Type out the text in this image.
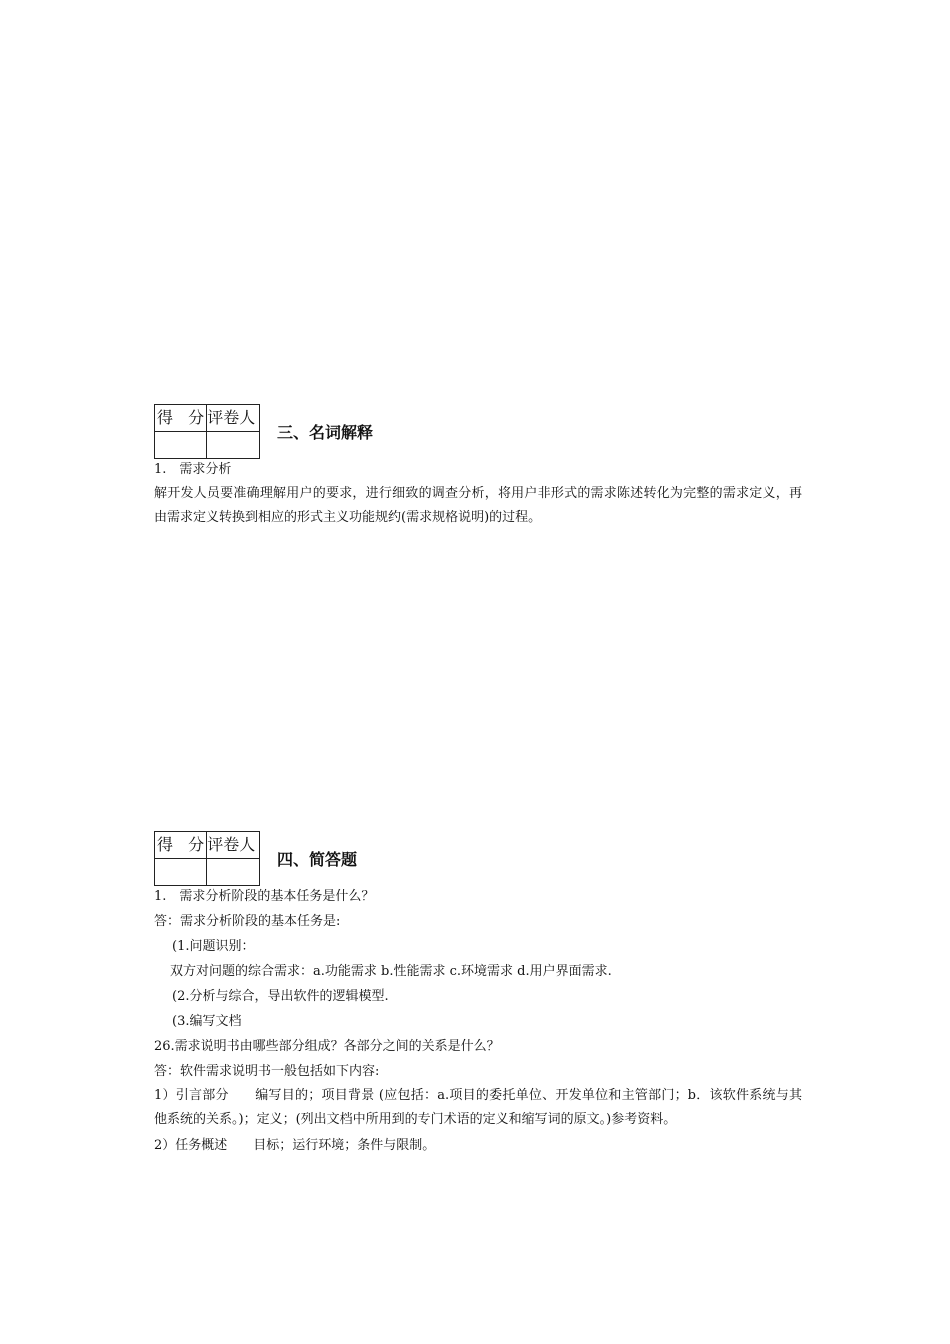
得 分	评卷人

三、名词解释
1.　需求分析
解开发人员要准确理解用户的要求，进行细致的调查分析，将用户非形式的需求陈述转化为完整的需求定义，再由需求定义转换到相应的形式主义功能规约(需求规格说明)的过程。
得 分	评卷人

四、简答题
1.　需求分析阶段的基本任务是什么？
答：需求分析阶段的基本任务是:
(1.问题识别：
双方对问题的综合需求：a.功能需求 b.性能需求 c.环境需求 d.用户界面需求.
(2.分析与综合，导出软件的逻辑模型.
(3.编写文档
26.需求说明书由哪些部分组成？各部分之间的关系是什么？
答：软件需求说明书一般包括如下内容:
1）引言部分　　编写目的；项目背景 (应包括：a.项目的委托单位、开发单位和主管部门；b．该软件系统与其他系统的关系。)；定义；(列出文档中所用到的专门术语的定义和缩写词的原文。)参考资料。
2）任务概述　　目标；运行环境；条件与限制。
